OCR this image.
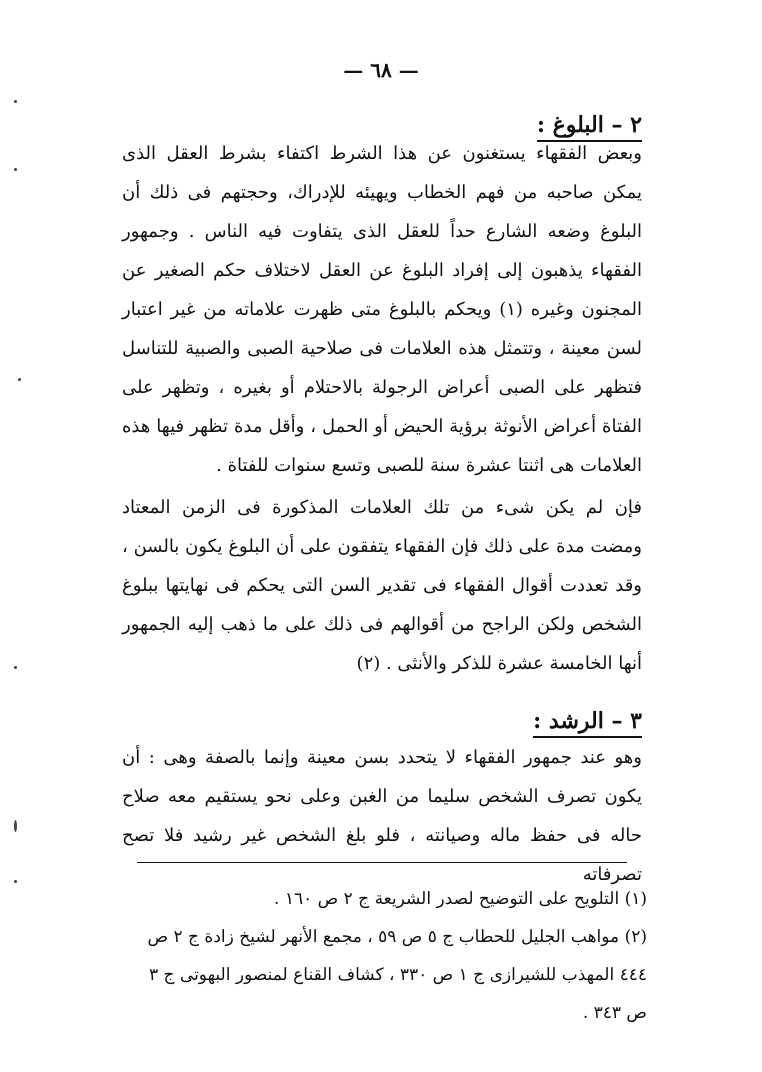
— ٦٨ —
٢ – البلوغ :

وبعض الفقهاء يستغنون عن هذا الشرط اكتفاء بشرط العقل الذى يمكن صاحبه من فهم الخطاب ويهيئه للإدراك، وحجتهم فى ذلك أن البلوغ وضعه الشارع حداً للعقل الذى يتفاوت فيه الناس . وجمهور الفقهاء يذهبون إلى إفراد البلوغ عن العقل لاختلاف حكم الصغير عن المجنون وغيره (١) ويحكم بالبلوغ متى ظهرت علاماته من غير اعتبار لسن معينة ، وتتمثل هذه العلامات فى صلاحية الصبى والصبية للتناسل فتظهر على الصبى أعراض الرجولة بالاحتلام أو بغيره ، وتظهر على الفتاة أعراض الأنوثة برؤية الحيض أو الحمل ، وأقل مدة تظهر فيها هذه العلامات هى اثنتا عشرة سنة للصبى وتسع سنوات للفتاة .

فإن لم يكن شىء من تلك العلامات المذكورة فى الزمن المعتاد ومضت مدة على ذلك فإن الفقهاء يتفقون على أن البلوغ يكون بالسن ، وقد تعددت أقوال الفقهاء فى تقدير السن التى يحكم فى نهايتها ببلوغ الشخص ولكن الراجح من أقوالهم فى ذلك على ما ذهب إليه الجمهور أنها الخامسة عشرة للذكر والأنثى . (٢)

٣ – الرشد :

وهو عند جمهور الفقهاء لا يتحدد بسن معينة وإنما بالصفة وهى : أن يكون تصرف الشخص سليما من الغبن وعلى نحو يستقيم معه صلاح حاله فى حفظ ماله وصيانته ، فلو بلغ الشخص غير رشيد فلا تصح تصرفاته

(١) التلويح على التوضيح لصدر الشريعة ج ٢ ص ١٦٠ .

(٢) مواهب الجليل للحطاب ج ٥ ص ٥٩ ، مجمع الأنهر لشيخ زادة ج ٢ ص ٤٤٤ المهذب للشيرازى ج ١ ص ٣٣٠ ، كشاف القناع لمنصور البهوتى ج ٣ ص ٣٤٣ .
